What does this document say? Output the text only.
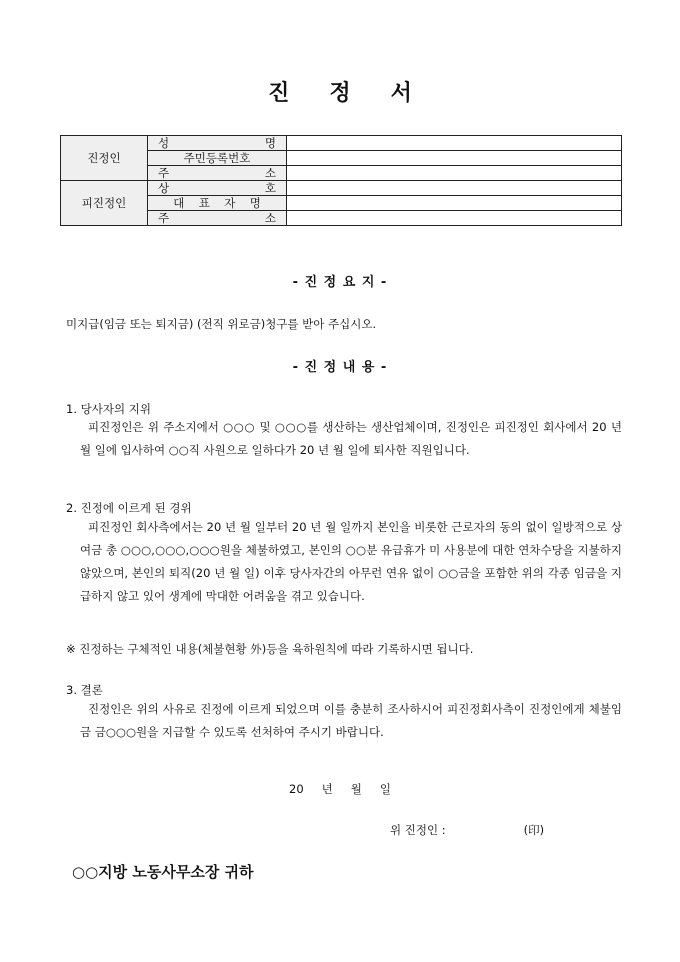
진 정 서
진정인	성 명	

	주민등록번호	

	주 소	

피진정인	상 호	

	대 표 자 명	

	주 소	

- 진 정 요 지 -
미지급(임금 또는 퇴지금) (전직 위로금)청구를 받아 주십시오.
- 진 정 내 용 -
1. 당사자의 지위
피진정인은 위 주소지에서 ○○○ 및 ○○○를 생산하는 생산업체이며, 진정인은 피진정인 회사에서 20 년 월 일에 입사하여 ○○직 사원으로 일하다가 20 년 월 일에 퇴사한 직원입니다.
2. 진정에 이르게 된 경위
피진정인 회사측에서는 20 년 월 일부터 20 년 월 일까지 본인을 비롯한 근로자의 동의 없이 일방적으로 상여금 총 ○○○,○○○,○○○원을 체불하였고, 본인의 ○○분 유급휴가 미 사용분에 대한 연차수당을 지불하지 않았으며, 본인의 퇴직(20 년 월 일) 이후 당사자간의 아무런 연유 없이 ○○금을 포함한 위의 각종 임금을 지급하지 않고 있어 생계에 막대한 어려움을 겪고 있습니다.
※ 진정하는 구체적인 내용(체불현황 外)등을 육하원칙에 따라 기록하시면 됩니다.
3. 결론
진정인은 위의 사유로 진정에 이르게 되었으며 이를 충분히 조사하시어 피진정회사측이 진정인에게 체불임금 금○○○원을 지급할 수 있도록 선처하여 주시기 바랍니다.
20 년 월 일
위 진정인 :	(印)
○○지방 노동사무소장 귀하
